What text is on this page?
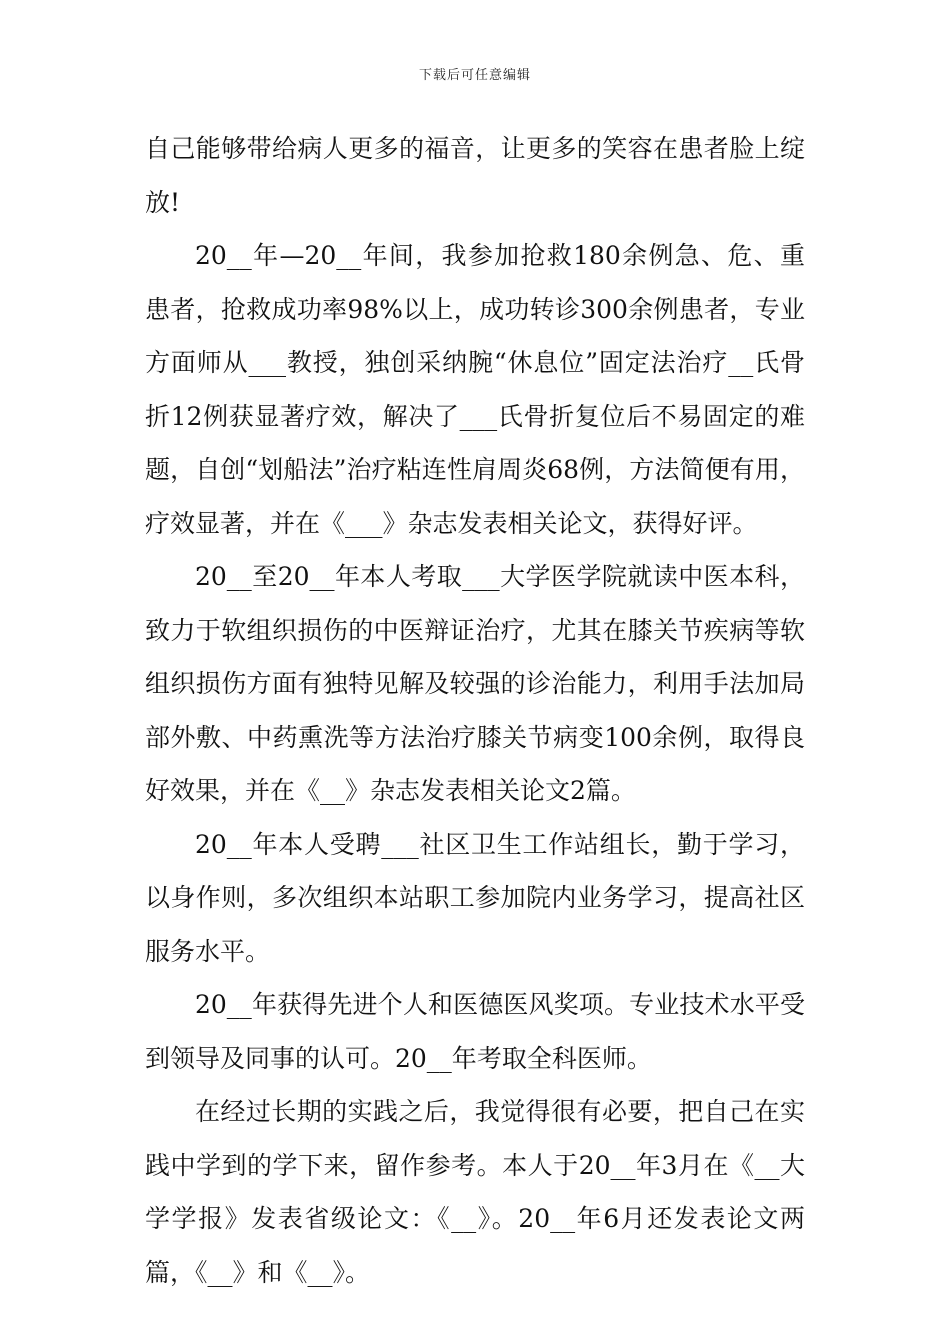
下载后可任意编辑

自己能够带给病人更多的福音，让更多的笑容在患者脸上绽放!

20__年—20__年间，我参加抢救180余例急、危、重患者，抢救成功率98%以上，成功转诊300余例患者，专业方面师从___教授，独创采纳腕“休息位”固定法治疗__氏骨折12例获显著疗效，解决了___氏骨折复位后不易固定的难题，自创“划船法”治疗粘连性肩周炎68例，方法简便有用，疗效显著，并在《___》杂志发表相关论文，获得好评。

20__至20__年本人考取___大学医学院就读中医本科，致力于软组织损伤的中医辩证治疗，尤其在膝关节疾病等软组织损伤方面有独特见解及较强的诊治能力，利用手法加局部外敷、中药熏洗等方法治疗膝关节病变100余例，取得良好效果，并在《__》杂志发表相关论文2篇。

20__年本人受聘___社区卫生工作站组长，勤于学习，以身作则，多次组织本站职工参加院内业务学习，提高社区服务水平。

20__年获得先进个人和医德医风奖项。专业技术水平受到领导及同事的认可。20__年考取全科医师。

在经过长期的实践之后，我觉得很有必要，把自己在实践中学到的学下来，留作参考。本人于20__年3月在《__大学学报》发表省级论文：《__》。20__年6月还发表论文两篇，《__》和《__》。
